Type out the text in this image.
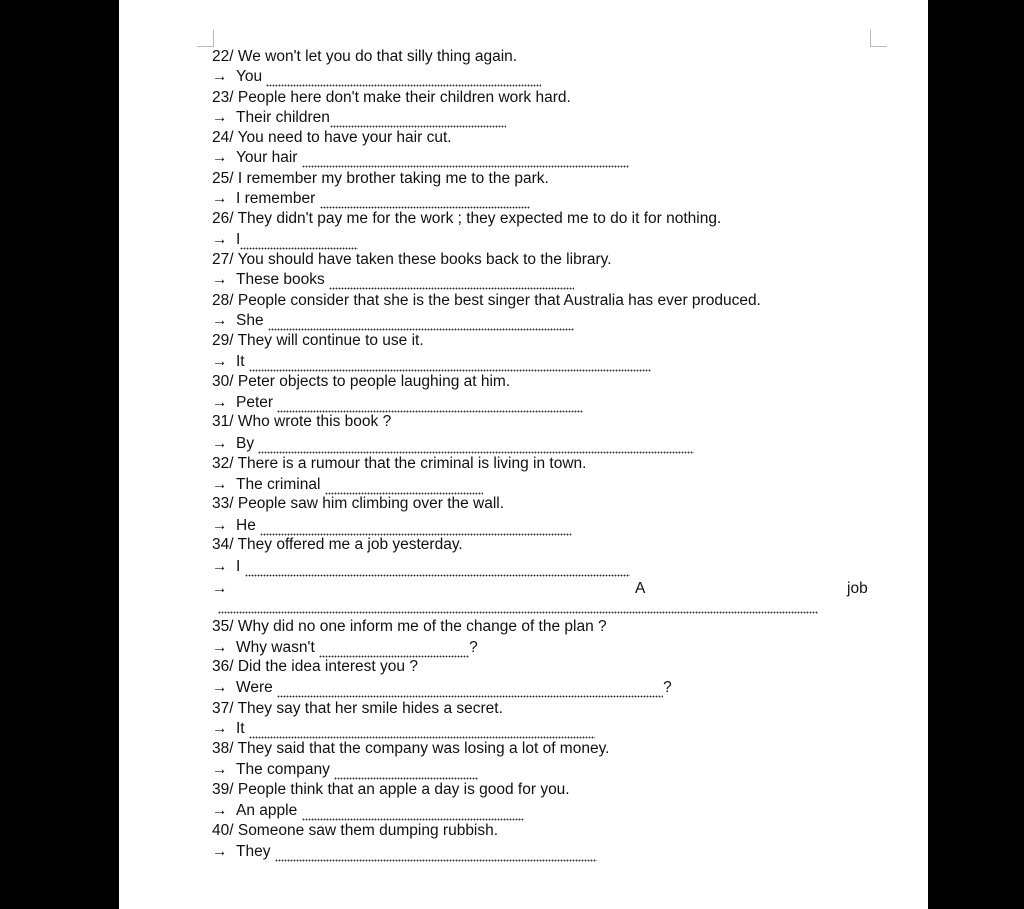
22/ We won't let you do that silly thing again.
→ You
23/ People here don't make their children work hard.
→ Their children
24/ You need to have your hair cut.
→ Your hair
25/ I remember my brother taking me to the park.
→ I remember
26/ They didn't pay me for the work ; they expected me to do it for nothing.
→ I
27/ You should have taken these books back to the library.
→ These books
28/ People consider that she is the best singer that Australia has ever produced.
→ She
29/ They will continue to use it.
→ It
30/ Peter objects to people laughing at him.
→ Peter
31/ Who wrote this book ?
→ By
32/ There is a rumour that the criminal is living in town.
→ The criminal
33/ People saw him climbing over the wall.
→ He
34/ They offered me a job yesterday.
→ I
→	A	job
35/ Why did no one inform me of the change of the plan ?
→ Why wasn't	?
36/ Did the idea interest you ?
→ Were	?
37/ They say that her smile hides a secret.
→ It
38/ They said that the company was losing a lot of money.
→ The company
39/ People think that an apple a day is good for you.
→ An apple
40/ Someone saw them dumping rubbish.
→ They
